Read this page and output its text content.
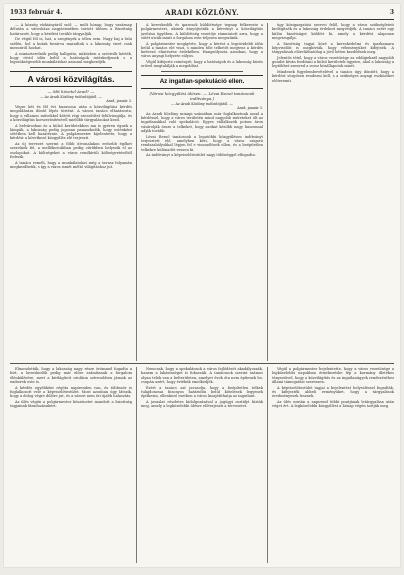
1933 február 4.	ARADI KÖZLÖNY.	3

— A község vízhiányáról szól: — múlt hónap, hogy vasárnap délután a városháza nagytermében tartott ülésen a Bizottság határozott, hogy a kérdést tovább tárgyalják.

De végül föl is, hat, a szegények a télen sem. Nagy baj a falu szélén, hol a kutak bezárva maradtak s a lakosság vizet csak messziről hozhat.

A miniszterelnök pedig hallgatta, miközben a szóvivők kérték, hogy rövid időn belül a hatóságok intézkedjenek s a legszükségesebb munkálatokat azonnal megkezdjék.

A városi közvilágítás.
— Mit követel Arad? —
— Az Aradi Közlöny tudósítójától. —
Arad, január 3.

Végre két és fél évi huzavona után a közvilágítási kérdés megoldására döntő lépés történt. A városi tanács elhatározta, hogy a villamos művekkel kötött régi szerződést felülvizsgálja, és a közvilágítás korszerűsítéséről mielőbb tárgyalásokat kezd.

A belvárosban és a külső kerületekben ma is gyéren égnek a lámpák, a lakosság pedig jogosan panaszkodik, hogy esténként sötétben kell hazatérnie. A polgármester kijelentette, hogy a kérdést a következő közgyűlés elé terjeszti.

Az új tervezet szerint a főbb útvonalakon erősebb égőket szerelnek fel, a mellékutcákban pedig sűrűbben helyezik el az oszlopokat. A költségeket a város rendkívüli költségvetéséből fedezik.

A tanács reméli, hogy a munkálatokat még a tavasz folyamán megkezdhetik, s így a város ismét méltó világításhoz jut.

A kereskedők és iparosok küldöttsége tegnap felkereste a polgármestert, akinek átnyújtották a kérvényt a közvilágítás javítása ügyében. A küldöttség vezetője rámutatott arra, hogy a sötét utcák miatt a forgalom este teljesen megszűnik.

A polgármester megígérte, hogy a kérést a legrövidebb időn belül a tanács elé viszi, s minden tőle telhetőt megtesz a kérdés kedvező elintézése érdekében. Hangsúlyozta azonban, hogy a város anyagi helyzete súlyos.

Végül kifejezte reményét, hogy a hatóságok és a lakosság közös erővel megtalálják a megoldást.

Az ingatlan-spekuláció ellen.
(Városi közgyűlési ülésen. — Lévai Rezső tanácsnok indítványa.)
— Az Aradi Közlöny tudósítójától. —
Arad, január 3.

Az Aradi Közlöny minapi számában már foglalkoztunk azzal a kérdéssel, hogy a város területén mind nagyobb méreteket ölt az ingatlanokkal való spekuláció. Egyes vállalkozók potom áron vásárolják össze a telkeket, hogy azokat később nagy haszonnal adják tovább.

Lévai Rezső tanácsnok a legutóbbi közgyűlésen indítványt terjesztett elő, amelyben kéri, hogy a város szigorú rendszabályokkal lépjen fel e visszaélések ellen, és a beépítetlen telkekre különadót vessen ki.

Az indítványt a képviselőtestület nagy többséggel elfogadta.

ügy közigazgatási szervei felől, hogy a város szükségleteit kielégítsék és a lakosság érdekeit megvédjék. A tanács ezért egy külön bizottságot küldött ki, amely a kérdést alaposan megvizsgálja.

A bizottság tagjai közé a kereskedelmi és iparkamara képviselőit is meghívták, hogy véleményüket kifejtsék. A tárgyalások előreláthatólag a jövő héten kezdődnek meg.

Jelentős tétel, hogy a város vezetősége az eddigieknél nagyobb gondot kíván fordítani a külső kerületek ügyeire, ahol a lakosság a legtöbbet szenved a rossz közállapotok miatt.

Mindezek figyelembevételével a tanács úgy döntött, hogy a kérdést sürgősen rendezni kell, s a szükséges anyagi eszközöket előteremti.

Elmondották, hogy a lakosság nagy része örömmel fogadta a hírt, a kereskedők pedig már előre számítanak a forgalom élénkülésére, mert a kivilágított utcákon szívesebben járnak az emberek este is.

A kérdés egyébként régóta napirenden van, és többször is foglalkozott vele a képviselőtestület. Most azonban úgy látszik, hogy a dolog végre dűlőre jut, és a várost nem éri újabb halasztás.

Az ülés végén a polgármester köszönetet mondott a bizottság tagjainak fáradozásukért.

Nemcsak, hogy a spekulánsok a város fejlődését akadályozzák, hanem a lakásínséget is fokozzák. A tanácsnok szerint számos olyan telek van a belterületen, amelyet évek óta nem építenek be, csupán azért, hogy értékük emelkedjék.

Ezért a tanács azt javasolja, hogy a beépítetlen telkek tulajdonosai bizonyos határidőn belül kötelesek legyenek építkezni, ellenkező esetben a város kisajátíthatja az ingatlant.

A javaslat részletes kidolgozásával a jogügyi osztályt bízták meg, amely a legközelebbi ülésre előterjeszti a tervezetet.

Végül a polgármester bejelentette, hogy a város vezetősége a legközelebbi napokban érintkezésbe lép a kormány illetékes tényezőivel, hogy a közvilágítás és az ingatlanügyek rendezéséhez állami támogatást szerezzen.

A képviselőtestület tagjai a bejelentést helyesléssel fogadták, és kifejezték abbeli reményüket, hogy a tárgyalások eredményesek lesznek.

Az ülés ezután a napirend többi pontjának letárgyalása után véget ért. A legközelebbi közgyűlést a hónap végén tartják meg.
